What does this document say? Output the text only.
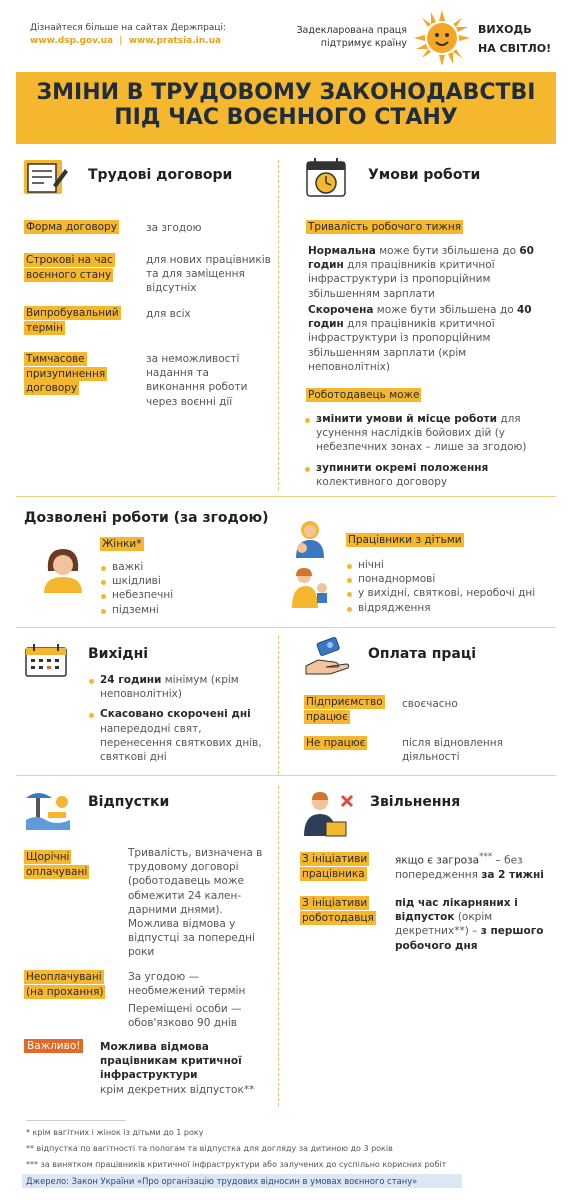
Дізнайтеся більше на сайтах Держпраці:
www.dsp.gov.ua | www.pratsia.in.ua
Задекларована праця
підтримує країну
ВИХОДЬ
НА СВІТЛО!
ЗМІНИ В ТРУДОВОМУ ЗАКОНОДАВСТВІ
ПІД ЧАС ВОЄННОГО СТАНУ
Трудові договори
Форма договору	за згодою
Строкові на час
воєнного стану
для нових працівників та для заміщення відсутніх
Випробувальний
термін
для всіх
Тимчасове
призупинення
договору
за неможливості надання та виконання роботи через воєнні дії
Умови роботи
Тривалість робочого тижня
Нормальна може бути збільшена до 60 годин для працівників критичної інфраструктури із пропорційним збільшенням зарплати
Скорочена може бути збільшена до 40 годин для працівників критичної інфраструктури із пропорційним збільшенням зарплати (крім неповнолітніх)
Роботодавець може
змінити умови й місце роботи для усунення наслідків бойових дій (у небезпечних зонах – лише за згодою)
зупинити окремі положення колективного договору
Дозволені роботи (за згодою)
Жінки*
важкі
шкідливі
небезпечні
підземні
Працівники з дітьми
нічні
понаднормові
у вихідні, святкові, неробочі дні
відрядження
Вихідні
24 години мінімум (крім неповнолітніх)
Скасовано скорочені дні напередодні свят, перенесення святкових днів, святкові дні
Оплата праці
Підприємство
працює
своєчасно
Не працює	після відновлення діяльності
Відпустки
Щорічні
оплачувані
Тривалість, визначена в трудовому договорі (роботодавець може обмежити 24 кален-дарними днями). Можлива відмова у відпустці за попередні роки
Неоплачувані
(на прохання)
За угодою — необмежений термін
Переміщені особи — обов'язково 90 днів
Важливо! Можлива відмова працівникам критичної інфраструктури
крім декретних відпусток**
Звільнення
З ініціативи
працівника
якщо є загроза*** – без попередження за 2 тижні
З ініціативи
роботодавця
під час лікарняних і відпусток (окрім декретних**) – з першого робочого дня
* крім вагітних і жінок із дітьми до 1 року
** відпустка по вагітності та пологам та відпустка для догляду за дитиною до 3 років
*** за винятком працівників критичної інфраструктури або залучених до суспільно корисних робіт
Джерело: Закон України «Про організацію трудових відносин в умовах воєнного стану»
